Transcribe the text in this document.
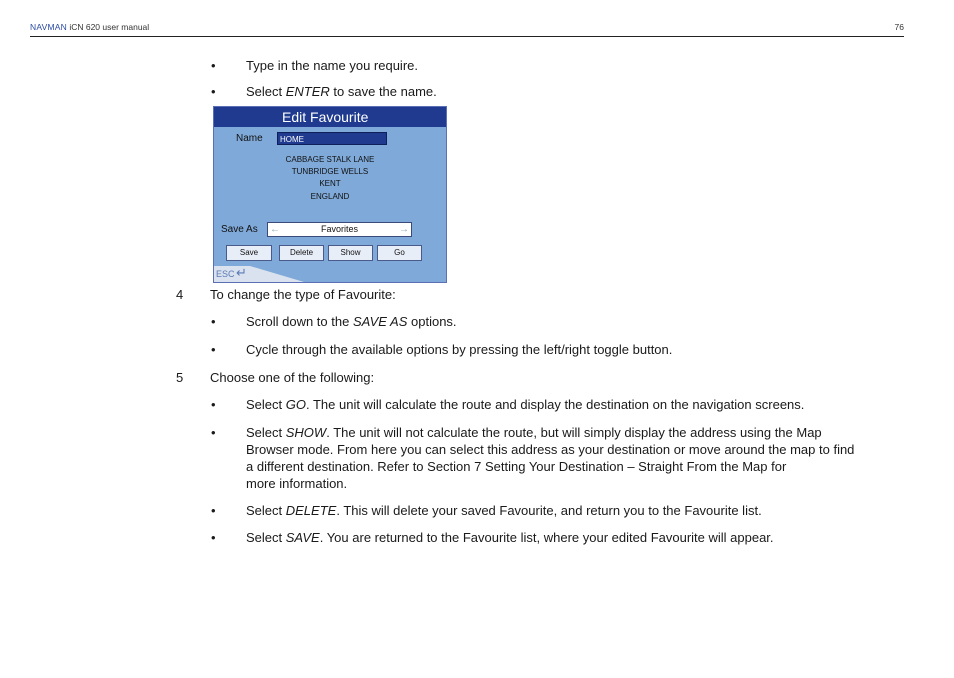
NAVMAN iCN 620 user manual	76
• Type in the name you require.
• Select ENTER to save the name.
Edit Favourite
Name	HOME
CABBAGE STALK LANE
TUNBRIDGE WELLS
KENT
ENGLAND
Save As ←	Favorites	→
Save	Delete	Show	Go
ESC ↵
4 To change the type of Favourite:
• Scroll down to the SAVE AS options.
• Cycle through the available options by pressing the left/right toggle button.
5 Choose one of the following:
• Select GO. The unit will calculate the route and display the destination on the navigation screens.
• Select SHOW. The unit will not calculate the route, but will simply display the address using the Map
Browser mode. From here you can select this address as your destination or move around the map to find
a different destination. Refer to Section 7 Setting Your Destination – Straight From the Map for
more information.
• Select DELETE. This will delete your saved Favourite, and return you to the Favourite list.
• Select SAVE. You are returned to the Favourite list, where your edited Favourite will appear.
